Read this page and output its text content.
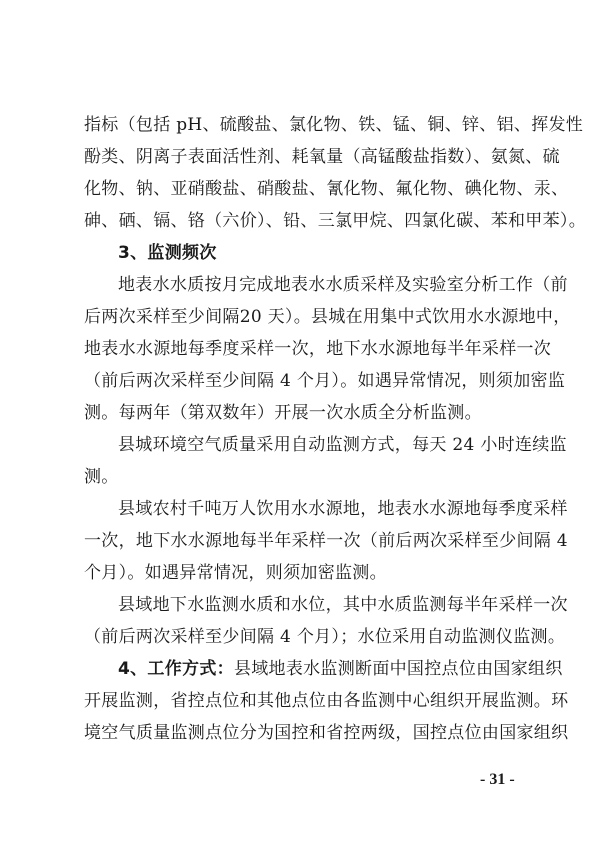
指标（包括 pH、硫酸盐、氯化物、铁、锰、铜、锌、铝、挥发性
酚类、阴离子表面活性剂、耗氧量（高锰酸盐指数）、氨氮、硫
化物、钠、亚硝酸盐、硝酸盐、氰化物、氟化物、碘化物、汞、
砷、硒、镉、铬（六价）、铅、三氯甲烷、四氯化碳、苯和甲苯）。
3、监测频次
地表水水质按月完成地表水水质采样及实验室分析工作（前
后两次采样至少间隔20 天）。县城在用集中式饮用水水源地中，
地表水水源地每季度采样一次，地下水水源地每半年采样一次
（前后两次采样至少间隔 4 个月）。如遇异常情况，则须加密监
测。每两年（第双数年）开展一次水质全分析监测。
县城环境空气质量采用自动监测方式，每天 24 小时连续监
测。
县域农村千吨万人饮用水水源地，地表水水源地每季度采样
一次，地下水水源地每半年采样一次（前后两次采样至少间隔 4
个月）。如遇异常情况，则须加密监测。
县域地下水监测水质和水位，其中水质监测每半年采样一次
（前后两次采样至少间隔 4 个月）；水位采用自动监测仪监测。
4、工作方式：县域地表水监测断面中国控点位由国家组织
开展监测，省控点位和其他点位由各监测中心组织开展监测。环
境空气质量监测点位分为国控和省控两级，国控点位由国家组织
- 31 -
